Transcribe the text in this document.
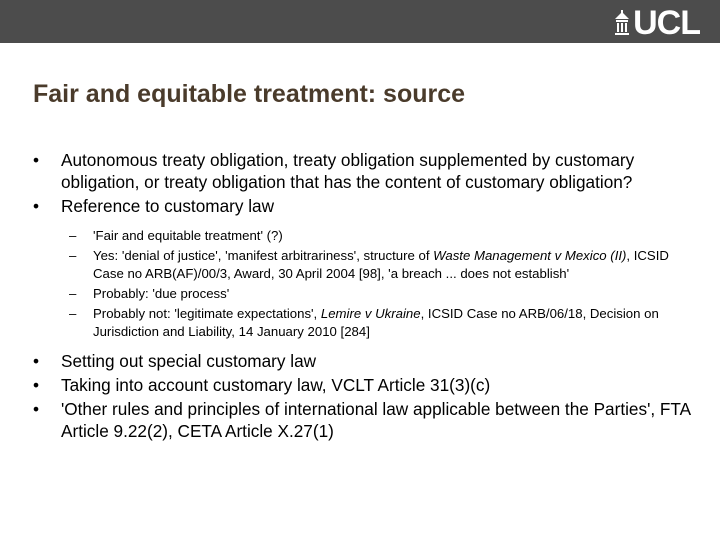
UCL
Fair and equitable treatment: source
• Autonomous treaty obligation, treaty obligation supplemented by customary obligation, or treaty obligation that has the content of customary obligation?
• Reference to customary law
– 'Fair and equitable treatment' (?)
– Yes: 'denial of justice', 'manifest arbitrariness', structure of Waste Management v Mexico (II), ICSID Case no ARB(AF)/00/3, Award, 30 April 2004 [98], 'a breach ... does not establish'
– Probably: 'due process'
– Probably not: 'legitimate expectations', Lemire v Ukraine, ICSID Case no ARB/06/18, Decision on Jurisdiction and Liability, 14 January 2010 [284]
• Setting out special customary law
• Taking into account customary law, VCLT Article 31(3)(c)
• 'Other rules and principles of international law applicable between the Parties', FTA Article 9.22(2), CETA Article X.27(1)
